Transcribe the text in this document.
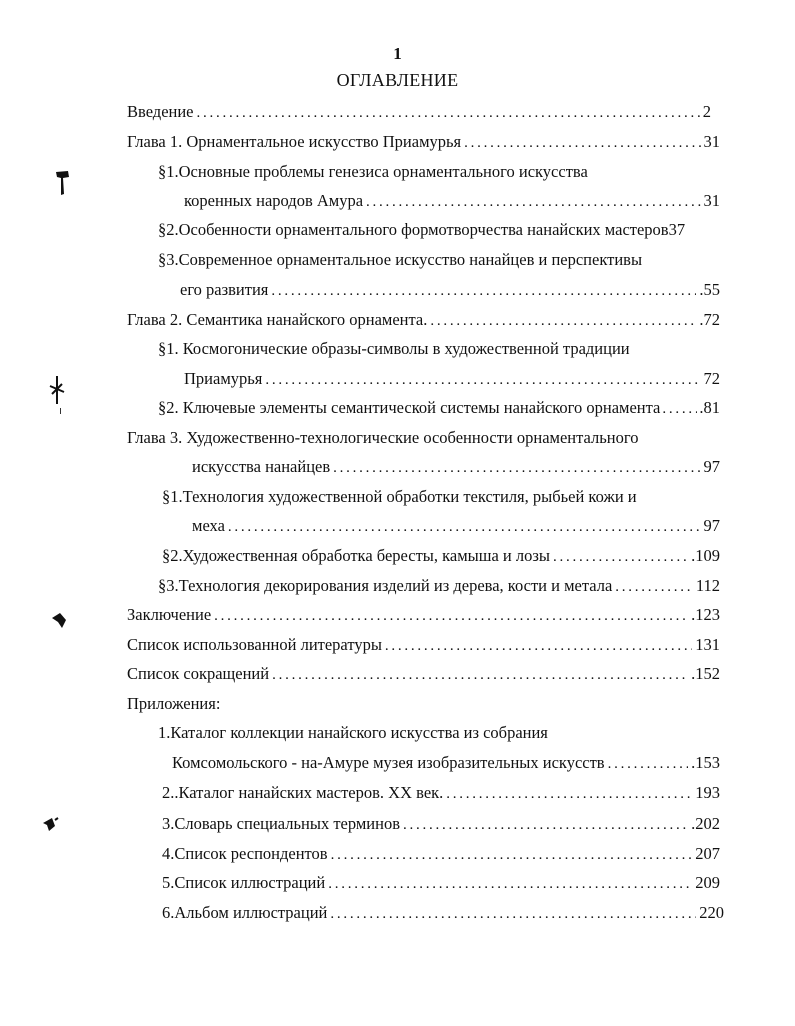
1
ОГЛАВЛЕНИЕ
Введение . . .	2
Глава 1. Орнаментальное искусство Приамурья . . .	31
§1.Основные проблемы генезиса орнаментального искусства
коренных народов Амура . . .	31
§2.Особенности орнаментального формотворчества нанайских мастеров37
§3.Современное орнаментальное искусство нанайцев и перспективы
его развития . . .	.55
Глава 2. Семантика нанайского орнамента. . . .	.72
§1. Космогонические образы-символы в художественной традиции
Приамурья . . .	72
§2. Ключевые элементы семантической системы нанайского орнамента . . . .81
Глава 3. Художественно-технологические особенности орнаментального
искусства нанайцев . . .	97
§1.Технология художественной обработки текстиля, рыбьей кожи и
меха . . .	97
§2.Художественная обработка бересты, камыша и лозы . . .	.109
§3.Технология декорирования изделий из дерева, кости и метала . . .	112
Заключение . . .	.123
Список использованной литературы . . .	131
Список сокращений . . .	.152
Приложения:
1.Каталог коллекции нанайского искусства из собрания
Комсомольского - на-Амуре музея изобразительных искусств . . .	.153
2..Каталог нанайских мастеров. XX век. . . .	193
3.Словарь специальных терминов . . .	.202
4.Список респондентов . . .	207
5.Список иллюстраций . . .	209
6.Альбом иллюстраций . . .	220
